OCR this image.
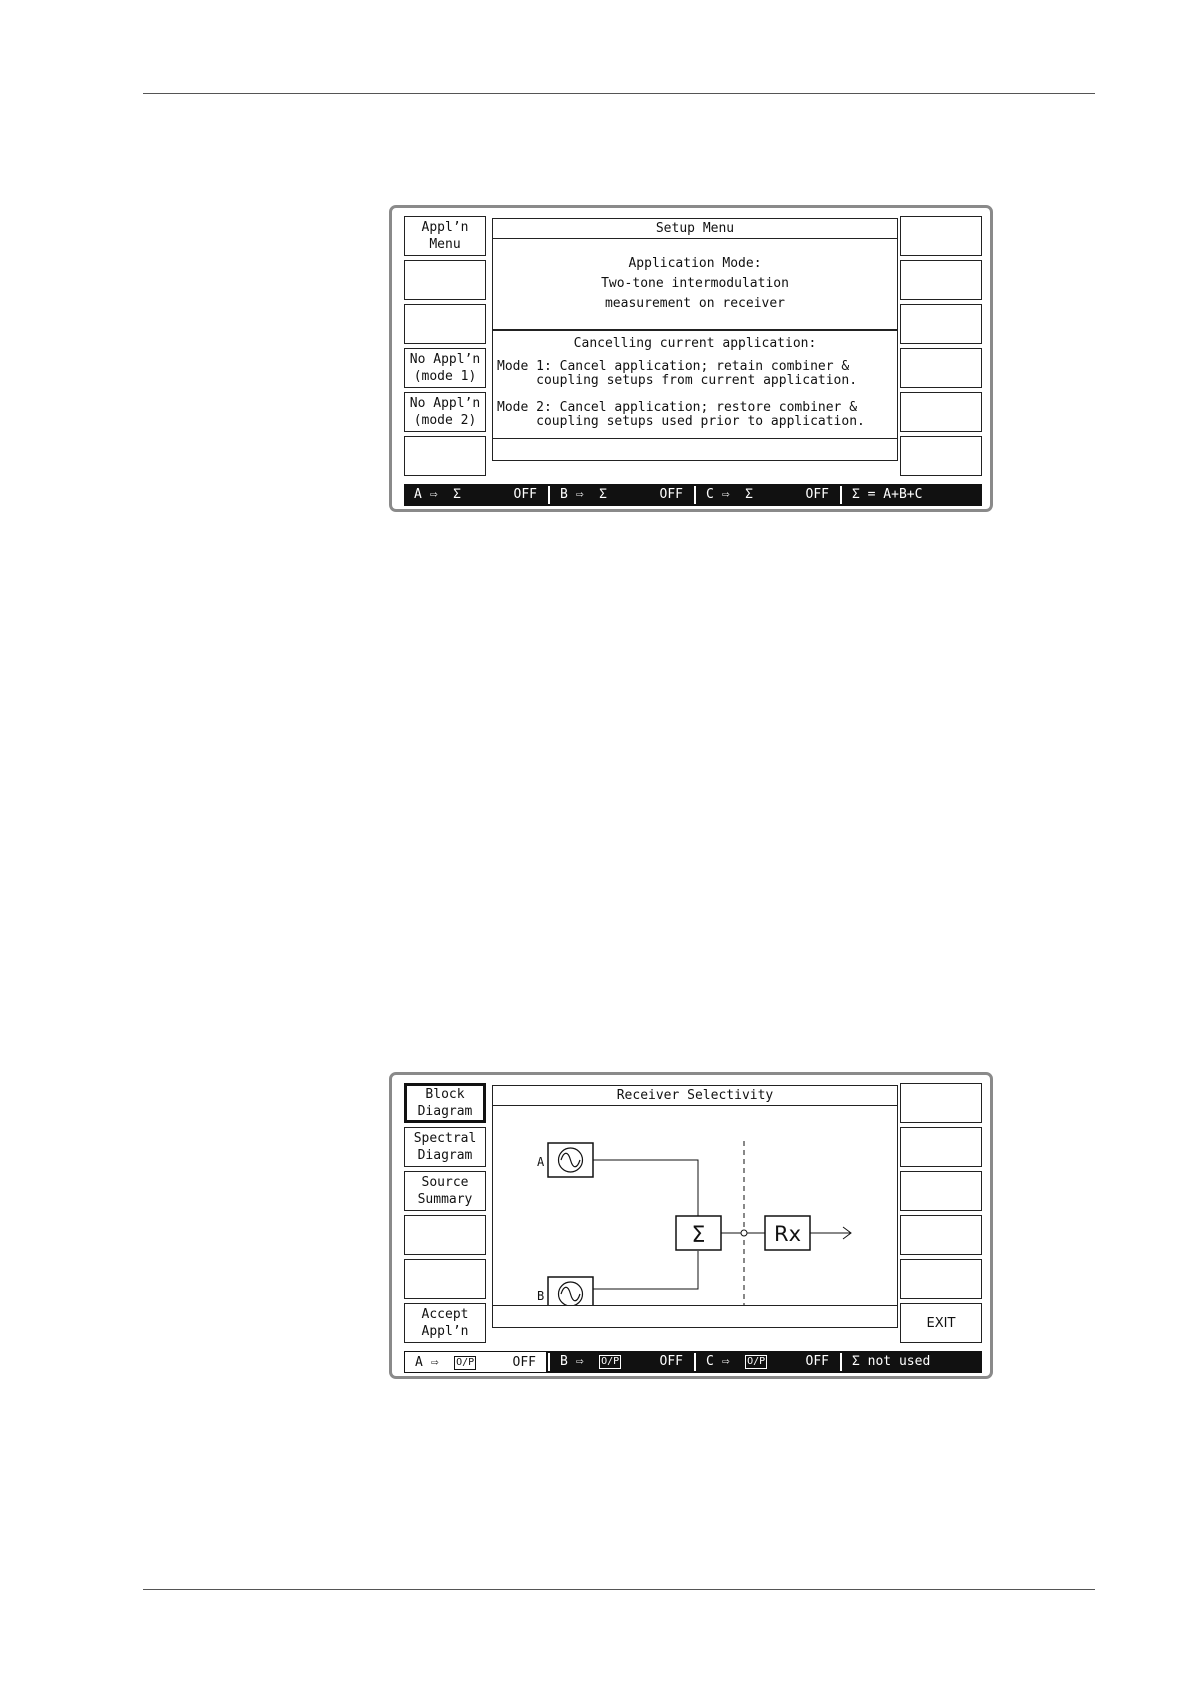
Appl’n
Menu
No Appl’n
(mode 1)
No Appl’n
(mode 2)
Setup Menu
Application Mode:
Two-tone intermodulation
measurement on receiver
Cancelling current application:
Mode 1: Cancel application; retain combiner &
coupling setups from current application.
Mode 2: Cancel application; restore combiner &
coupling setups used prior to application.
A ⇨  Σ	OFF B ⇨  Σ	OFF C ⇨  Σ	OFF Σ = A+B+C
Block
Diagram
Spectral
Diagram
Source
Summary
Accept
Appl’n
EXIT
Receiver Selectivity
A
B
Σ	Rx
A ⇨ O/P	OFF B ⇨ O/P	OFF C ⇨ O/P	OFF Σ not used
